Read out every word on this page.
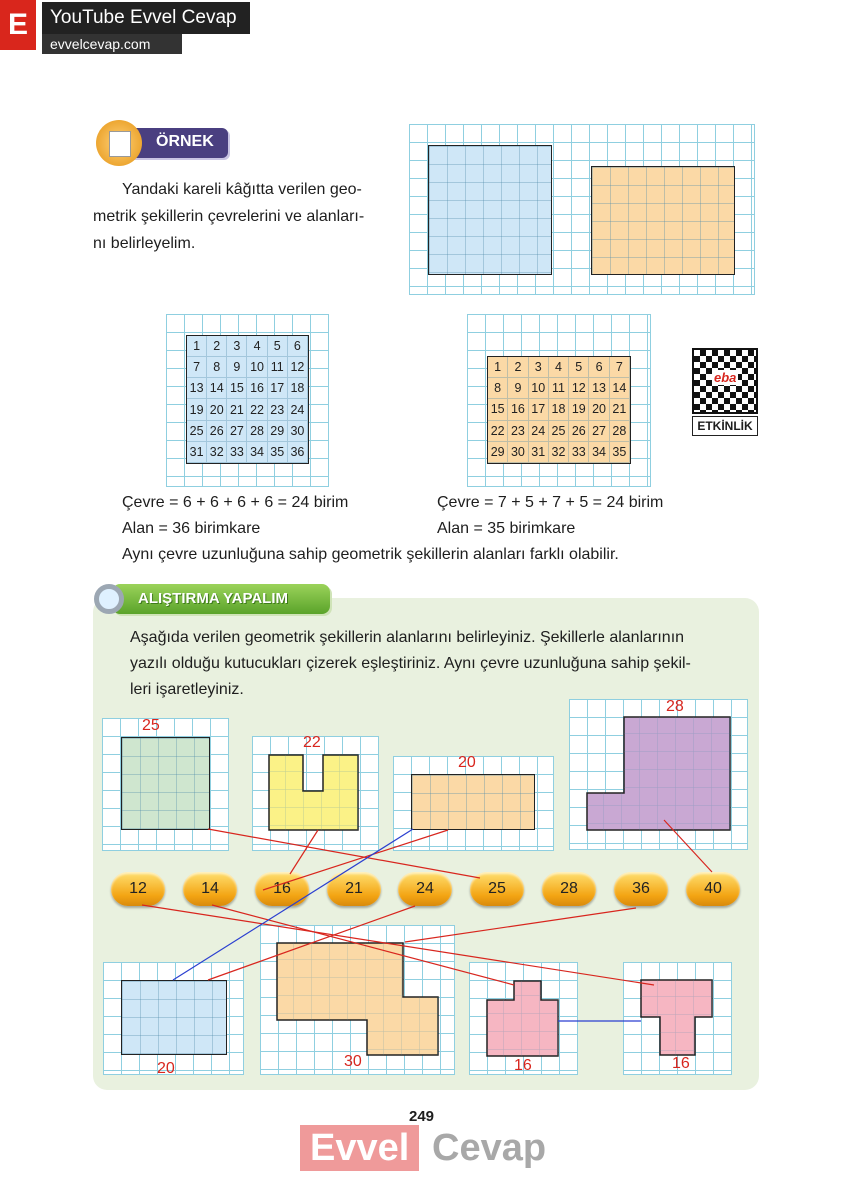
E	YouTube Evvel Cevap
evvelcevap.com
ÖRNEK
Yandaki kareli kâğıtta verilen geo-
metrik şekillerin çevrelerini ve alanları-
nı belirleyelim.
1	2	3	4	5	6
7	8	9 10 11 12
13 14 15 16 17 18
19 20 21 22 23 24
25 26 27 28 29 30
31 32 33 34 35 36
1	2	3	4	5	6	7
8	9 10 11 12 13 14
15 16 17 18 19 20 21
22 23 24 25 26 27 28
29 30 31 32 33 34 35
eba
ETKİNLİK
Çevre = 6 + 6 + 6 + 6 = 24 birim
Alan = 36 birimkare
Çevre = 7 + 5 + 7 + 5 = 24 birim
Alan = 35 birimkare
Aynı çevre uzunluğuna sahip geometrik şekillerin alanları farklı olabilir.
ALIŞTIRMA YAPALIM
Aşağıda verilen geometrik şekillerin alanlarını belirleyiniz. Şekillerle alanlarının
yazılı olduğu kutucukları çizerek eşleştiriniz. Aynı çevre uzunluğuna sahip şekil-
leri işaretleyiniz.
25
22
20
28
12	14	16	21	24	25	28	36	40
20	30	16	16
249
Evvel Cevap
